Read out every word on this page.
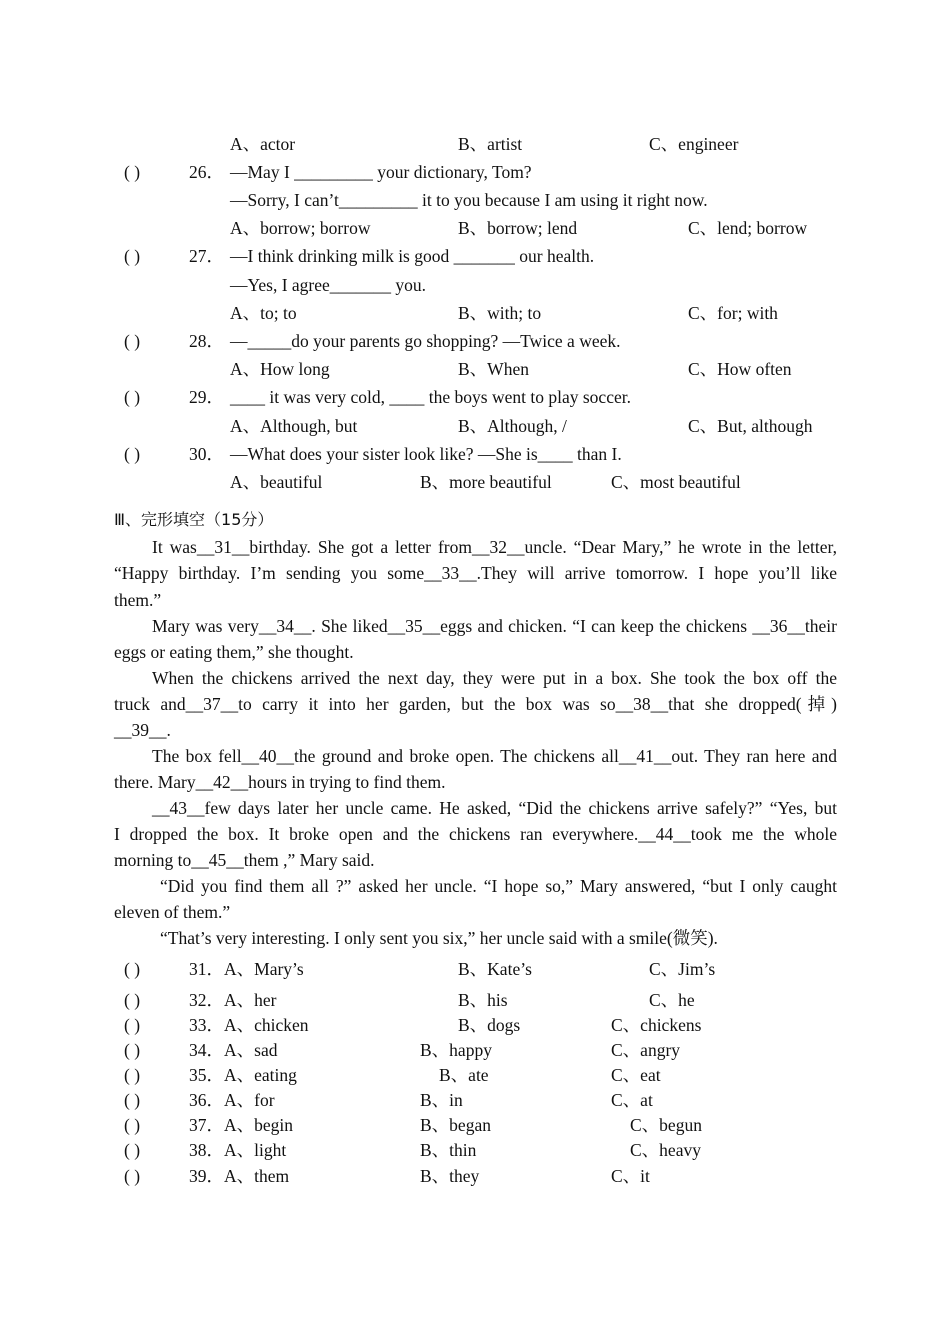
A、actor	B、artist	C、engineer
( )	26． —May I _________ your dictionary, Tom?
—Sorry, I can’t_________ it to you because I am using it right now.
A、borrow; borrow	B、borrow; lend	C、lend; borrow
( )	27． —I think drinking milk is good _______ our health.
—Yes, I agree_______ you.
A、to; to	B、with; to	C、for; with
( )	28． —_____do your parents go shopping? —Twice a week.
A、How long	B、When	C、How often
( )	29． ____ it was very cold, ____ the boys went to play soccer.
A、Although, but	B、Although, /	C、But, although
( )	30． —What does your sister look like? —She is____ than I.
A、beautiful	B、more beautiful	C、most beautiful
Ⅲ、完形填空（15分）
It was__31__birthday. She got a letter from__32__uncle. “Dear Mary,” he wrote in the letter,
“Happy birthday. I’m sending you some__33__.They will arrive tomorrow. I hope you’ll like
them.”
Mary was very__34__. She liked__35__eggs and chicken. “I can keep the chickens __36__their
eggs or eating them,” she thought.
When the chickens arrived the next day, they were put in a box. She took the box off the
truck and__37__to carry it into her garden, but the box was so__38__that she dropped(掉)
__39__.
The box fell__40__the ground and broke open. The chickens all__41__out. They ran here and
there. Mary__42__hours in trying to find them.
__43__few days later her uncle came. He asked, “Did the chickens arrive safely?” “Yes, but
I dropped the box. It broke open and the chickens ran everywhere.__44__took me the whole
morning to__45__them ,” Mary said.
“Did you find them all ?” asked her uncle. “I hope so,” Mary answered, “but I only caught
eleven of them.”
“That’s very interesting. I only sent you six,” her uncle said with a smile(微笑).
( )	31．A、Mary’s	B、Kate’s	C、Jim’s
( )	32．A、her	B、his	C、he
( )	33．A、chicken	B、dogs	C、chickens
( )	34．A、sad	B、happy	C、angry
( )	35．A、eating	B、ate	C、eat
( )	36．A、for	B、in	C、at
( )	37．A、begin	B、began	C、begun
( )	38．A、light	B、thin	C、heavy
( )	39．A、them	B、they	C、it
